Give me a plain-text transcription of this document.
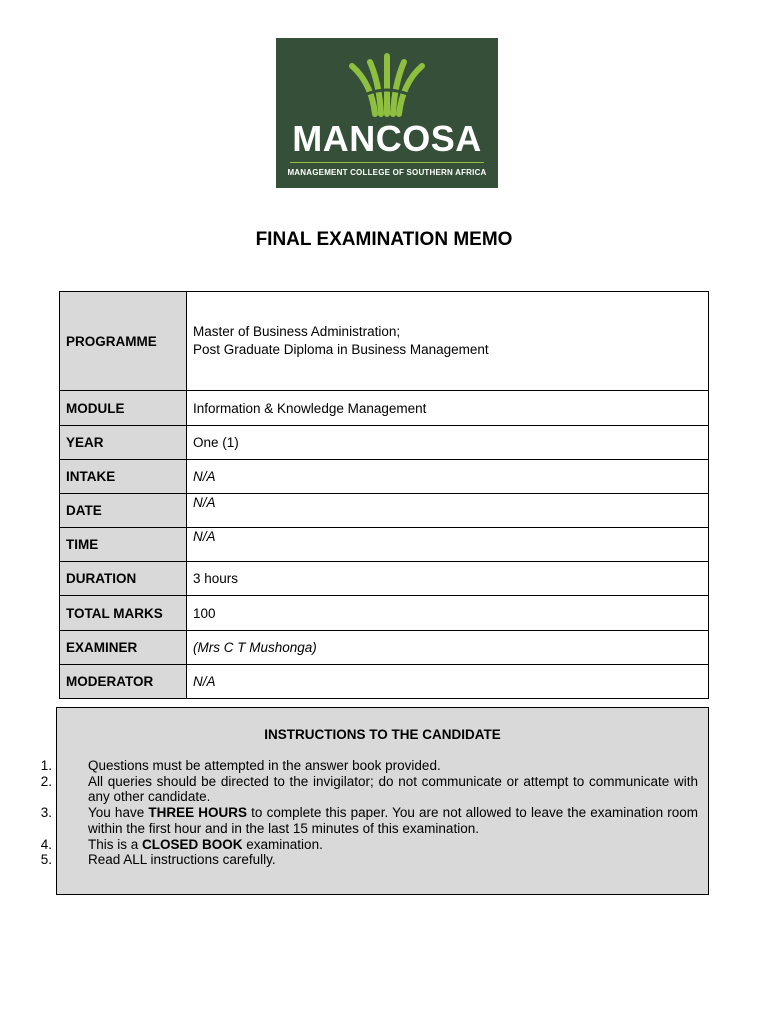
MANCOSA
MANAGEMENT COLLEGE OF SOUTHERN AFRICA
FINAL EXAMINATION MEMO
PROGRAMME	Master of Business Administration;
Post Graduate Diploma in Business Management

MODULE	Information & Knowledge Management
YEAR	One (1)
INTAKE	N/A
DATE	N/A
TIME	N/A
DURATION	3 hours
TOTAL MARKS	100
EXAMINER	(Mrs C T Mushonga)
MODERATOR	N/A
INSTRUCTIONS TO THE CANDIDATE
1.	Questions must be attempted in the answer book provided.
2.	All queries should be directed to the invigilator; do not communicate or attempt to communicate with any other candidate.
3.	You have THREE HOURS to complete this paper. You are not allowed to leave the examination room within the first hour and in the last 15 minutes of this examination.
4.	This is a CLOSED BOOK examination.
5.	Read ALL instructions carefully.
